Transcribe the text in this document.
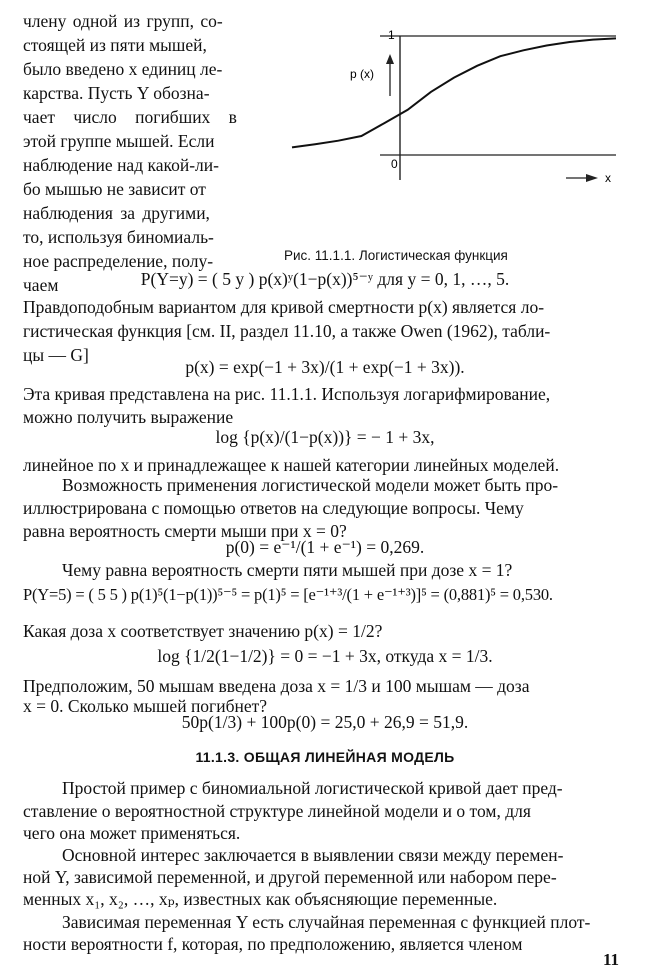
члену одной из групп, со-
стоящей из пяти мышей,
было введено x единиц ле-
карства. Пусть Y обозна-
чает число погибших в
этой группе мышей. Если
наблюдение над какой-ли-
бо мышью не зависит от
наблюдения за другими,
то, используя биномиаль-
ное распределение, полу-
чаем
1
0
p (x)
x
Рис. 11.1.1. Логистическая функция
P(Y=y) = ( 5 y ) p(x)ʸ(1−p(x))⁵⁻ʸ для y = 0, 1, …, 5.
Правдоподобным вариантом для кривой смертности p(x) является ло-
гистическая функция [см. II, раздел 11.10, а также Owen (1962), табли-
цы — G]
p(x) = exp(−1 + 3x)/(1 + exp(−1 + 3x)).
Эта кривая представлена на рис. 11.1.1. Используя логарифмирование,
можно получить выражение
log {p(x)/(1−p(x))} = − 1 + 3x,
линейное по x и принадлежащее к нашей категории линейных моделей.
Возможность применения логистической модели может быть про-
иллюстрирована с помощью ответов на следующие вопросы. Чему
равна вероятность смерти мыши при x = 0?
p(0) = e⁻¹/(1 + e⁻¹) = 0,269.
Чему равна вероятность смерти пяти мышей при дозе x = 1?
P(Y=5) = ( 5 5 ) p(1)⁵(1−p(1))⁵⁻⁵ = p(1)⁵ = [e⁻¹⁺³/(1 + e⁻¹⁺³)]⁵ = (0,881)⁵ = 0,530.
Какая доза x соответствует значению p(x) = 1/2?
log {1/2(1−1/2)} = 0 = −1 + 3x, откуда x = 1/3.
Предположим, 50 мышам введена доза x = 1/3 и 100 мышам — доза
x = 0. Сколько мышей погибнет?
50p(1/3) + 100p(0) = 25,0 + 26,9 = 51,9.
11.1.3. ОБЩАЯ ЛИНЕЙНАЯ МОДЕЛЬ
Простой пример с биномиальной логистической кривой дает пред-
ставление о вероятностной структуре линейной модели и о том, для
чего она может применяться.
Основной интерес заключается в выявлении связи между перемен-
ной Y, зависимой переменной, и другой переменной или набором пере-
менных x₁, x₂, …, xₚ, известных как объясняющие переменные.
Зависимая переменная Y есть случайная переменная с функцией плот-
ности вероятности f, которая, по предположению, является членом
11
